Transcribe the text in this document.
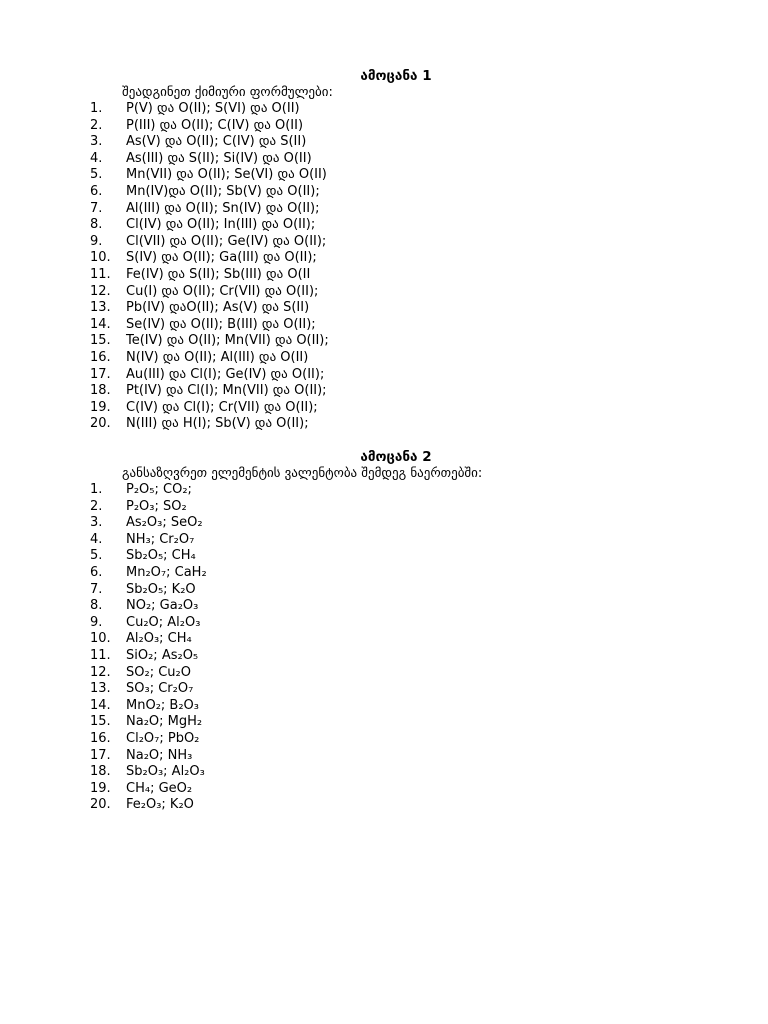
ამოცანა 1
შეადგინეთ ქიმიური ფორმულები:
1. P(V) და O(II); S(VI) და O(II)
2. P(III) და O(II); C(IV) და O(II)
3. As(V) და O(II); C(IV) და S(II)
4. As(III) და S(II); Si(IV) და O(II)
5. Mn(VII) და O(II); Se(VI) და O(II)
6. Mn(IV)და O(II); Sb(V) და O(II);
7. Al(III) და O(II); Sn(IV) და O(II);
8. Cl(IV) და O(II); In(III) და O(II);
9. Cl(VII) და O(II); Ge(IV) და O(II);
10. S(IV) და O(II); Ga(III) და O(II);
11. Fe(IV) და S(II); Sb(III) და O(II
12. Cu(I) და O(II); Cr(VII) და O(II);
13. Pb(IV) დაO(II); As(V) და S(II)
14. Se(IV) და O(II); B(III) და O(II);
15. Te(IV) და O(II); Mn(VII) და O(II);
16. N(IV) და O(II); Al(III) და O(II)
17. Au(III) და Cl(I); Ge(IV) და O(II);
18. Pt(IV) და Cl(I); Mn(VII) და O(II);
19. C(IV) და Cl(I); Cr(VII) და O(II);
20. N(III) და H(I); Sb(V) და O(II);
ამოცანა 2
განსაზღვრეთ ელემენტის ვალენტობა შემდეგ ნაერთებში:
1. P₂O₅; CO₂;
2. P₂O₃; SO₂
3. As₂O₃; SeO₂
4. NH₃; Cr₂O₇
5. Sb₂O₅; CH₄
6. Mn₂O₇; CaH₂
7. Sb₂O₅; K₂O
8. NO₂; Ga₂O₃
9. Cu₂O; Al₂O₃
10. Al₂O₃; CH₄
11. SiO₂; As₂O₅
12. SO₂; Cu₂O
13. SO₃; Cr₂O₇
14. MnO₂; B₂O₃
15. Na₂O; MgH₂
16. Cl₂O₇; PbO₂
17. Na₂O; NH₃
18. Sb₂O₃; Al₂O₃
19. CH₄; GeO₂
20. Fe₂O₃; K₂O
